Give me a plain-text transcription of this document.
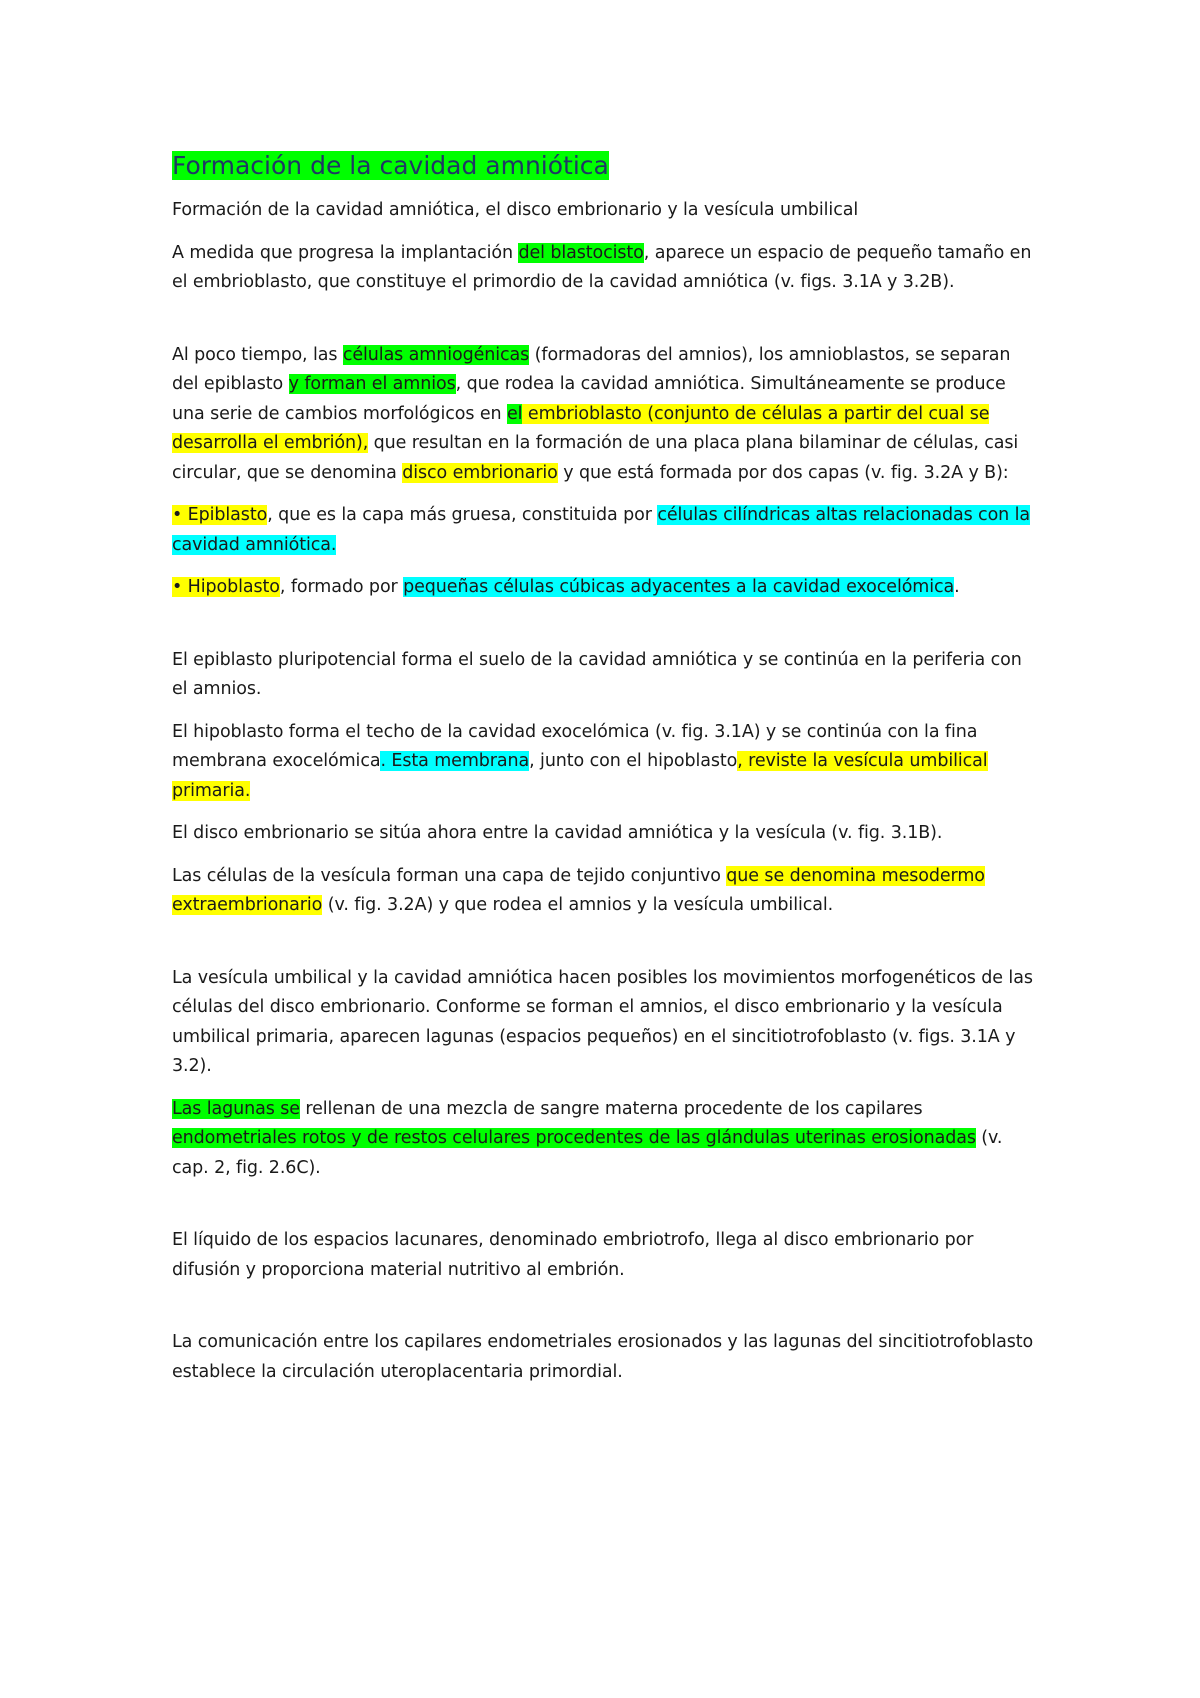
Formación de la cavidad amniótica

Formación de la cavidad amniótica, el disco embrionario y la vesícula umbilical

A medida que progresa la implantación del blastocisto, aparece un espacio de pequeño tamaño en el embrioblasto, que constituye el primordio de la cavidad amniótica (v. figs. 3.1A y 3.2B).

Al poco tiempo, las células amniogénicas (formadoras del amnios), los amnioblastos, se separan del epiblasto y forman el amnios, que rodea la cavidad amniótica. Simultáneamente se produce una serie de cambios morfológicos en el embrioblasto (conjunto de células a partir del cual se desarrolla el embrión), que resultan en la formación de una placa plana bilaminar de células, casi circular, que se denomina disco embrionario y que está formada por dos capas (v. fig. 3.2A y B):

• Epiblasto, que es la capa más gruesa, constituida por células cilíndricas altas relacionadas con la cavidad amniótica.

• Hipoblasto, formado por pequeñas células cúbicas adyacentes a la cavidad exocelómica.

El epiblasto pluripotencial forma el suelo de la cavidad amniótica y se continúa en la periferia con el amnios.

El hipoblasto forma el techo de la cavidad exocelómica (v. fig. 3.1A) y se continúa con la fina membrana exocelómica. Esta membrana, junto con el hipoblasto, reviste la vesícula umbilical primaria.

El disco embrionario se sitúa ahora entre la cavidad amniótica y la vesícula (v. fig. 3.1B).

Las células de la vesícula forman una capa de tejido conjuntivo que se denomina mesodermo extraembrionario (v. fig. 3.2A) y que rodea el amnios y la vesícula umbilical.

La vesícula umbilical y la cavidad amniótica hacen posibles los movimientos morfogenéticos de las células del disco embrionario. Conforme se forman el amnios, el disco embrionario y la vesícula umbilical primaria, aparecen lagunas (espacios pequeños) en el sincitiotrofoblasto (v. figs. 3.1A y 3.2).

Las lagunas se rellenan de una mezcla de sangre materna procedente de los capilares endometriales rotos y de restos celulares procedentes de las glándulas uterinas erosionadas (v. cap. 2, fig. 2.6C).

El líquido de los espacios lacunares, denominado embriotrofo, llega al disco embrionario por difusión y proporciona material nutritivo al embrión.

La comunicación entre los capilares endometriales erosionados y las lagunas del sincitiotrofoblasto establece la circulación uteroplacentaria primordial.
